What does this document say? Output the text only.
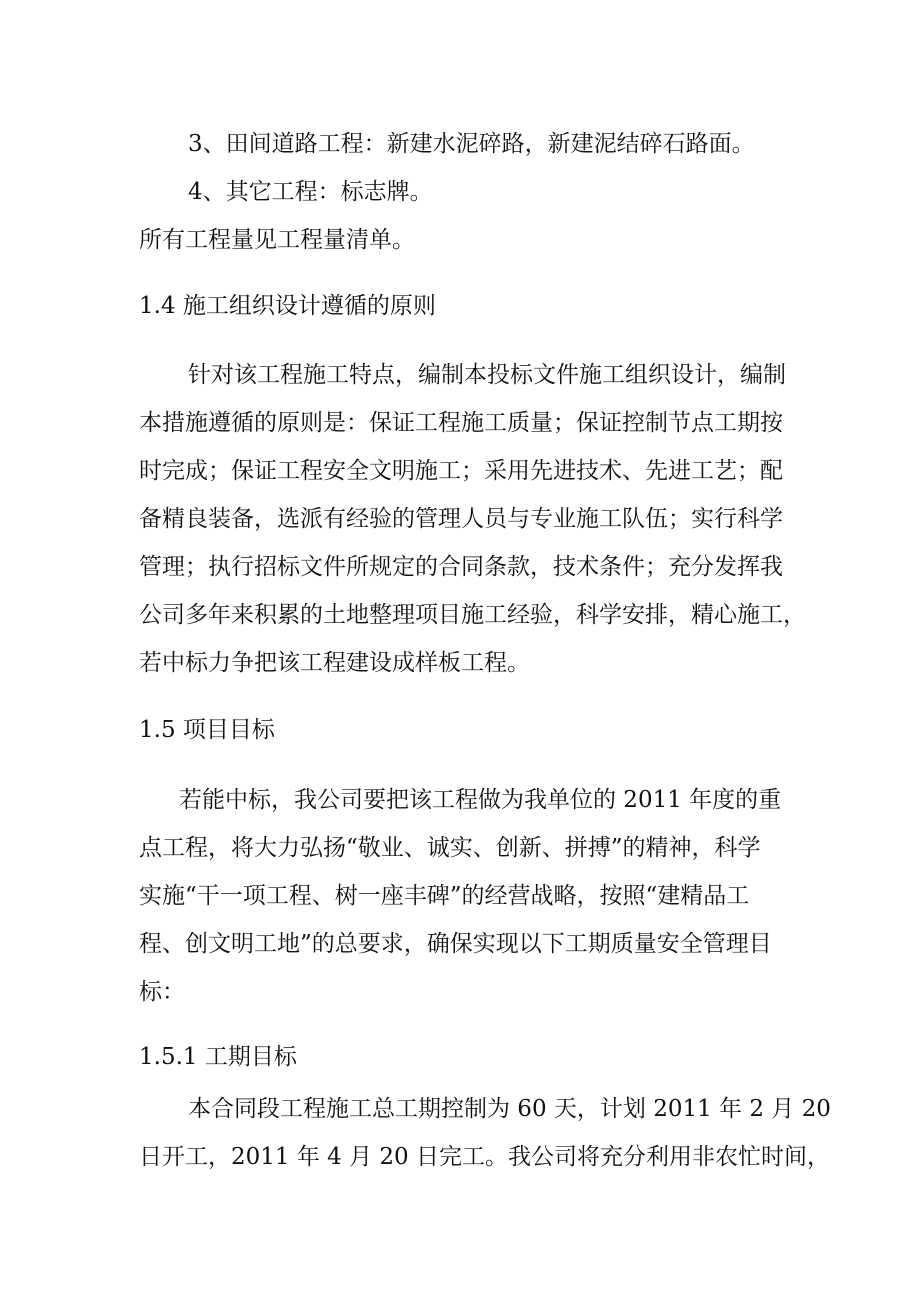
3、田间道路工程：新建水泥碎路，新建泥结碎石路面。

4、其它工程：标志牌。

所有工程量见工程量清单。

1.4 施工组织设计遵循的原则

针对该工程施工特点，编制本投标文件施工组织设计，编制

本措施遵循的原则是：保证工程施工质量；保证控制节点工期按

时完成；保证工程安全文明施工；采用先进技术、先进工艺；配

备精良装备，选派有经验的管理人员与专业施工队伍；实行科学

管理；执行招标文件所规定的合同条款，技术条件；充分发挥我

公司多年来积累的土地整理项目施工经验，科学安排，精心施工，

若中标力争把该工程建设成样板工程。

1.5 项目目标

若能中标，我公司要把该工程做为我单位的 2011 年度的重

点工程，将大力弘扬“敬业、诚实、创新、拼搏”的精神，科学

实施“干一项工程、树一座丰碑”的经营战略，按照“建精品工

程、创文明工地”的总要求，确保实现以下工期质量安全管理目

标：

1.5.1 工期目标

本合同段工程施工总工期控制为 60 天，计划 2011 年 2 月 20

日开工，2011 年 4 月 20 日完工。我公司将充分利用非农忙时间，
